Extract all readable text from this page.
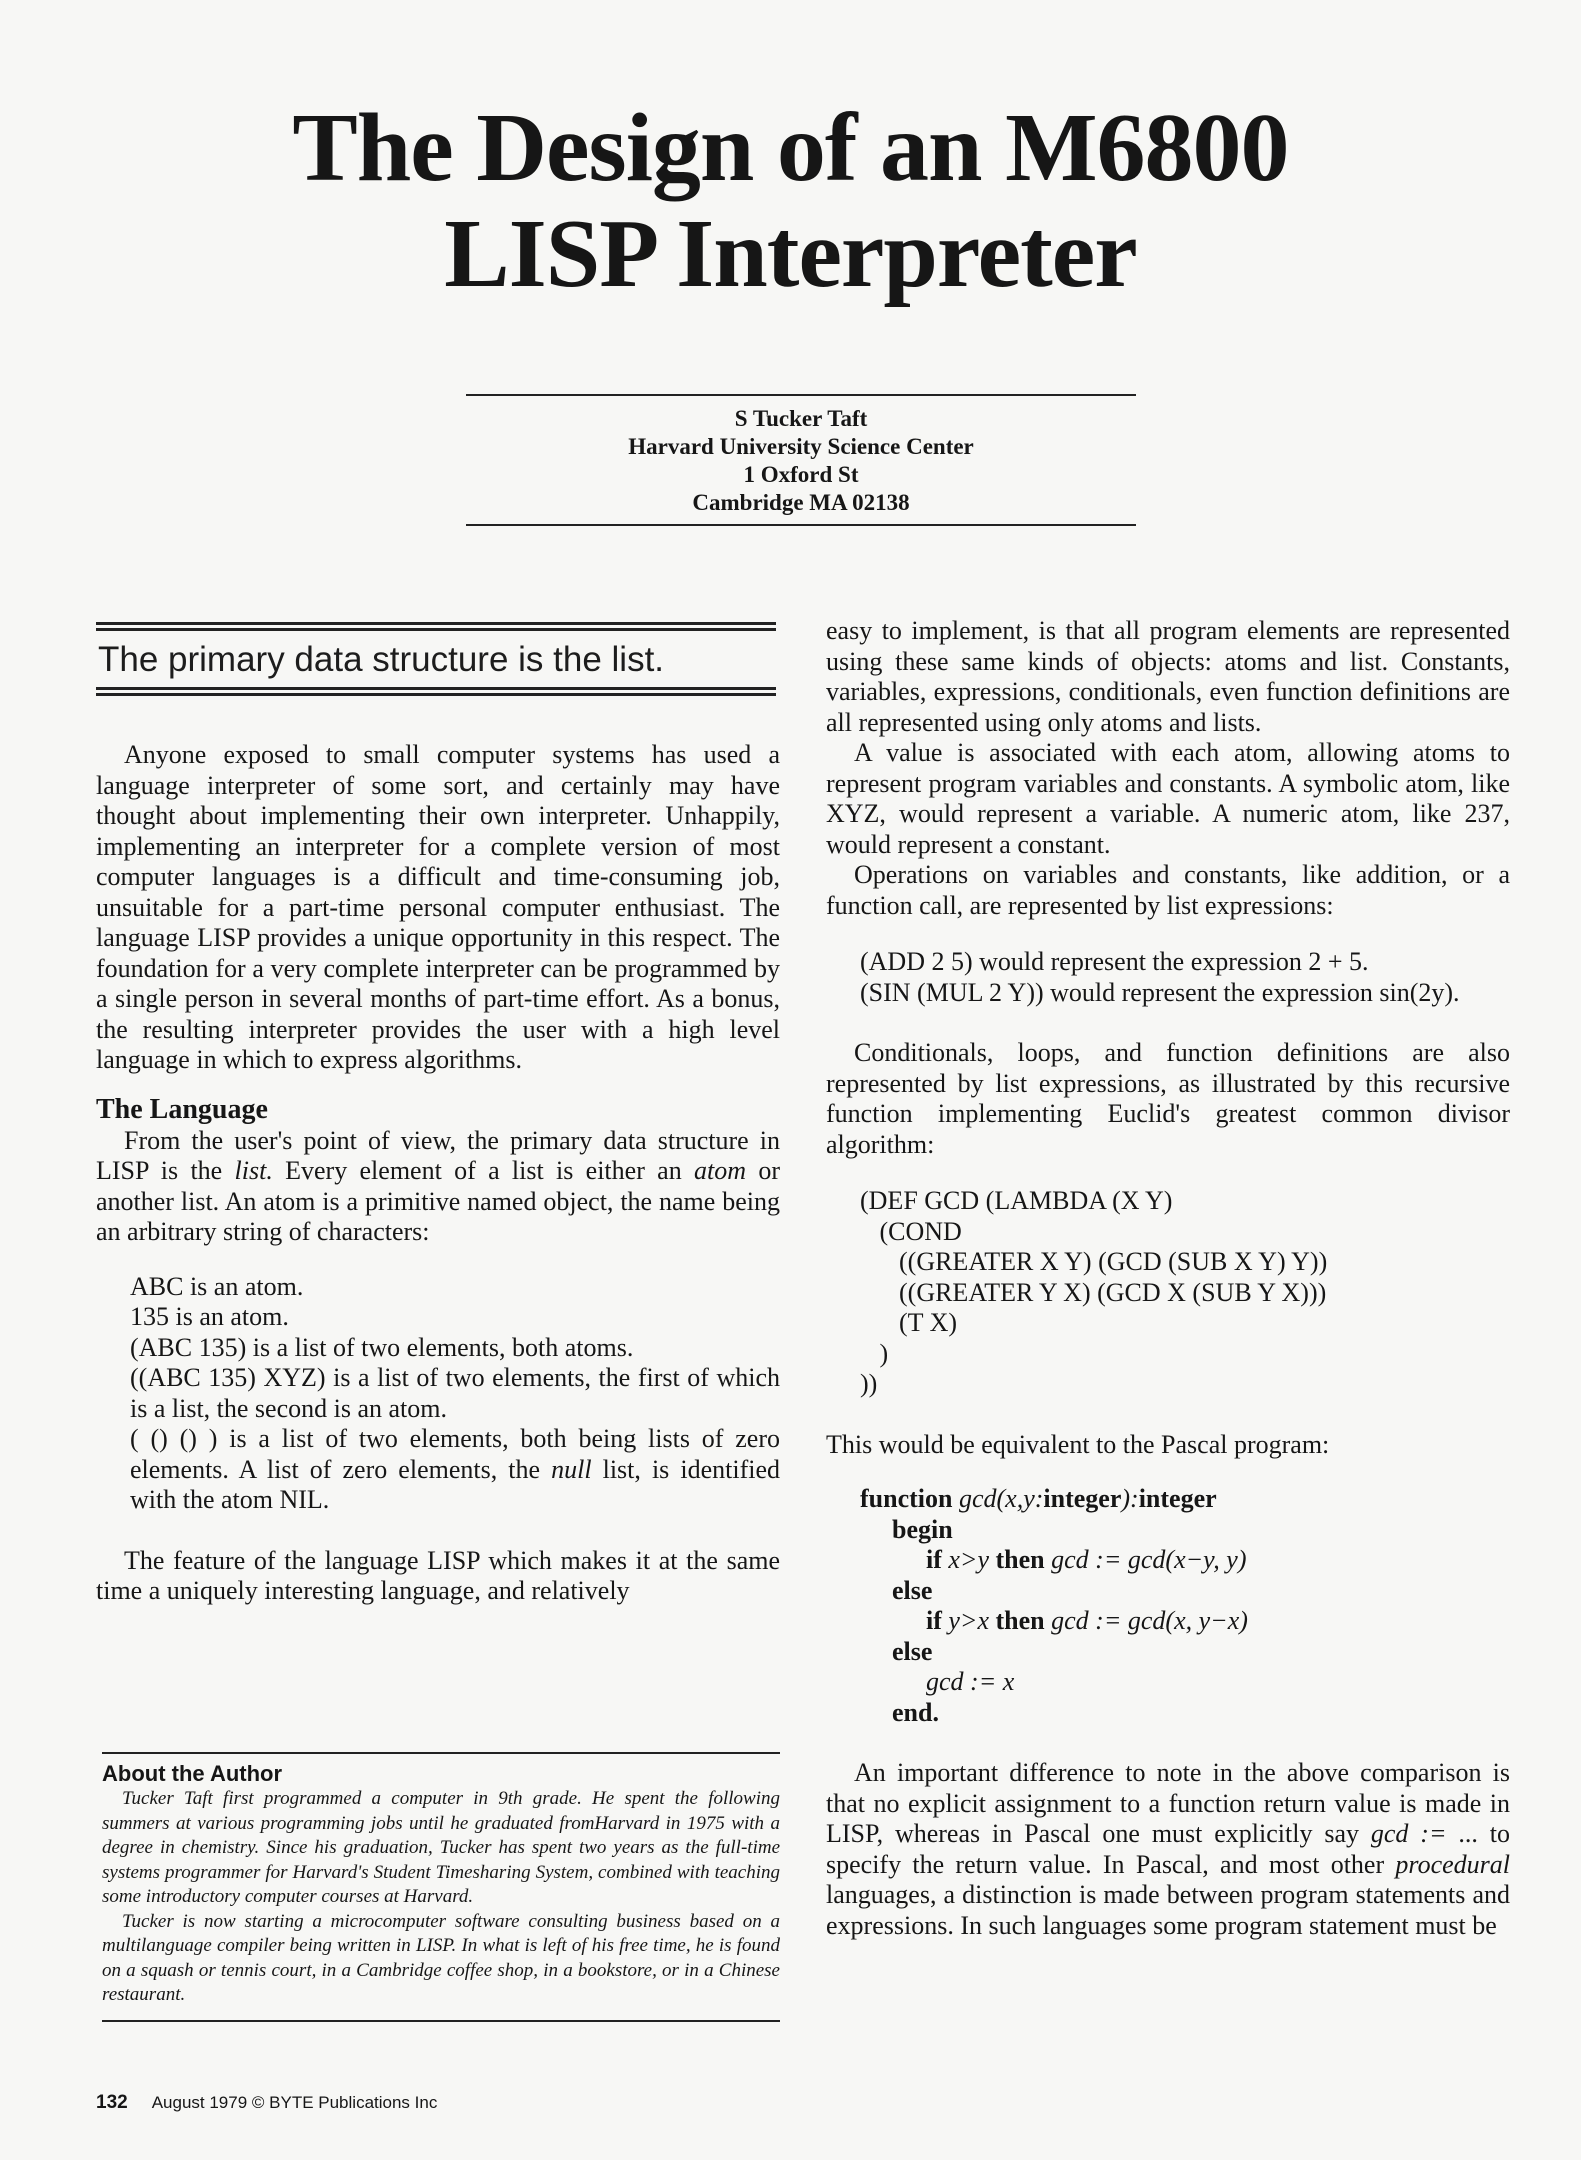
The Design of an M6800
LISP Interpreter
S Tucker Taft
Harvard University Science Center
1 Oxford St
Cambridge MA 02138
The primary data structure is the list.

Anyone exposed to small computer systems has used a language interpreter of some sort, and certainly may have thought about implementing their own interpreter. Unhappily, implementing an interpreter for a complete version of most computer languages is a difficult and time-consuming job, unsuitable for a part-time personal computer enthusiast. The language LISP provides a unique opportunity in this respect. The foundation for a very complete interpreter can be programmed by a single person in several months of part-time effort. As a bonus, the resulting interpreter provides the user with a high level language in which to express algorithms.

The Language

From the user's point of view, the primary data structure in LISP is the list. Every element of a list is either an atom or another list. An atom is a primitive named object, the name being an arbitrary string of characters:

ABC is an atom.

135 is an atom.

(ABC 135) is a list of two elements, both atoms.

((ABC 135) XYZ) is a list of two elements, the first of which is a list, the second is an atom.

( () () ) is a list of two elements, both being lists of zero elements. A list of zero elements, the null list, is identified with the atom NIL.

The feature of the language LISP which makes it at the same time a uniquely interesting language, and relatively

About the Author

Tucker Taft first programmed a computer in 9th grade. He spent the following summers at various programming jobs until he graduated fromHarvard in 1975 with a degree in chemistry. Since his graduation, Tucker has spent two years as the full-time systems programmer for Harvard's Student Timesharing System, combined with teaching some introductory computer courses at Harvard.

Tucker is now starting a microcomputer software consulting business based on a multilanguage compiler being written in LISP. In what is left of his free time, he is found on a squash or tennis court, in a Cambridge coffee shop, in a bookstore, or in a Chinese restaurant.

easy to implement, is that all program elements are represented using these same kinds of objects: atoms and list. Constants, variables, expressions, conditionals, even function definitions are all represented using only atoms and lists.

A value is associated with each atom, allowing atoms to represent program variables and constants. A symbolic atom, like XYZ, would represent a variable. A numeric atom, like 237, would represent a constant.

Operations on variables and constants, like addition, or a function call, are represented by list expressions:

(ADD 2 5) would represent the expression 2 + 5.

(SIN (MUL 2 Y)) would represent the expression sin(2y).

Conditionals, loops, and function definitions are also represented by list expressions, as illustrated by this recursive function implementing Euclid's greatest common divisor algorithm:

(DEF GCD (LAMBDA (X Y)
(COND
((GREATER X Y) (GCD (SUB X Y) Y))
((GREATER Y X) (GCD X (SUB Y X)))
(T X)
)
))

This would be equivalent to the Pascal program:

function gcd(x,y:integer):integer
begin
if x>y then gcd := gcd(x−y, y)
else
if y>x then gcd := gcd(x, y−x)
else
gcd := x
end.

An important difference to note in the above comparison is that no explicit assignment to a function return value is made in LISP, whereas in Pascal one must explicitly say gcd := ... to specify the return value. In Pascal, and most other procedural languages, a distinction is made between program statements and expressions. In such languages some program statement must be

132 August 1979 © BYTE Publications Inc
